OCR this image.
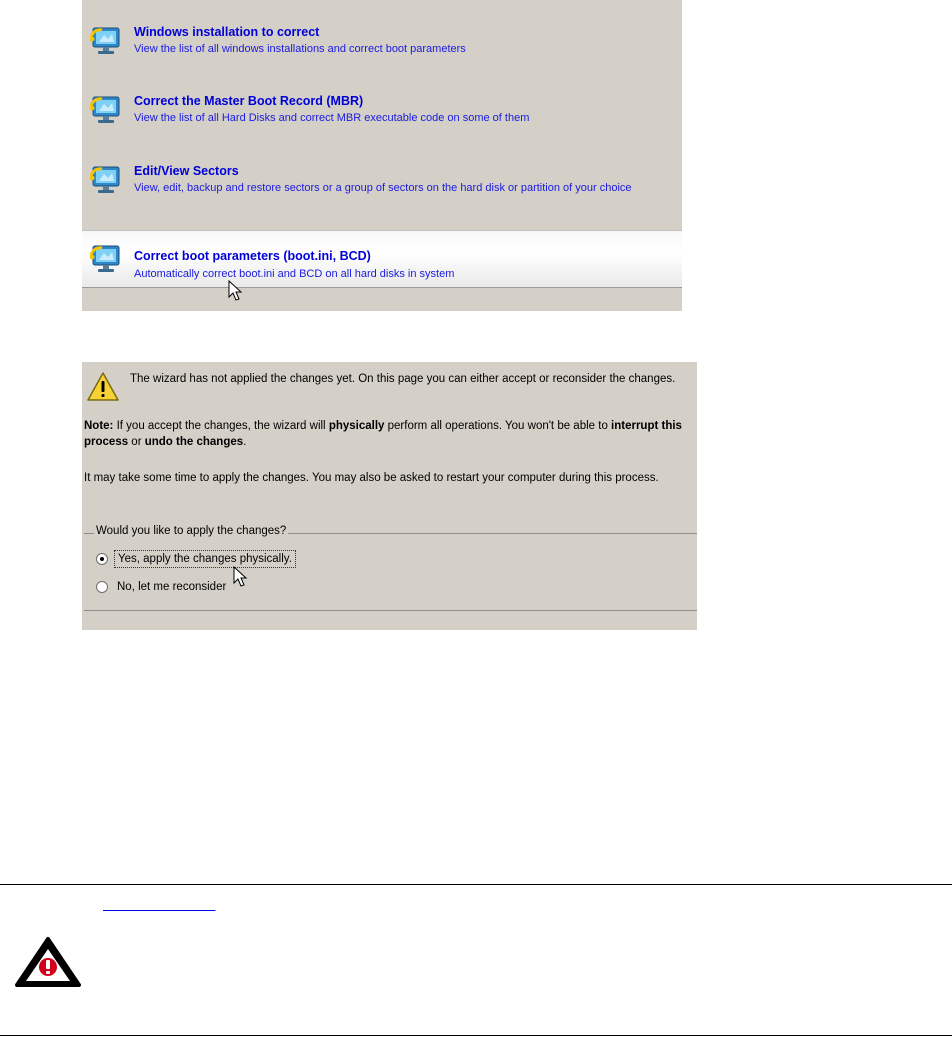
Windows installation to correct
View the list of all windows installations and correct boot parameters
Correct the Master Boot Record (MBR)
View the list of all Hard Disks and correct MBR executable code on some of them
Edit/View Sectors
View, edit, backup and restore sectors or a group of sectors on the hard disk or partition of your choice
Correct boot parameters (boot.ini, BCD)
Automatically correct boot.ini and BCD on all hard disks in system
The wizard has not applied the changes yet. On this page you can either accept or reconsider the changes.
Note: If you accept the changes, the wizard will physically perform all operations. You won't be able to interrupt this process or undo the changes.
It may take some time to apply the changes. You may also be asked to restart your computer during this process.
Would you like to apply the changes?
Yes, apply the changes physically.
No, let me reconsider
